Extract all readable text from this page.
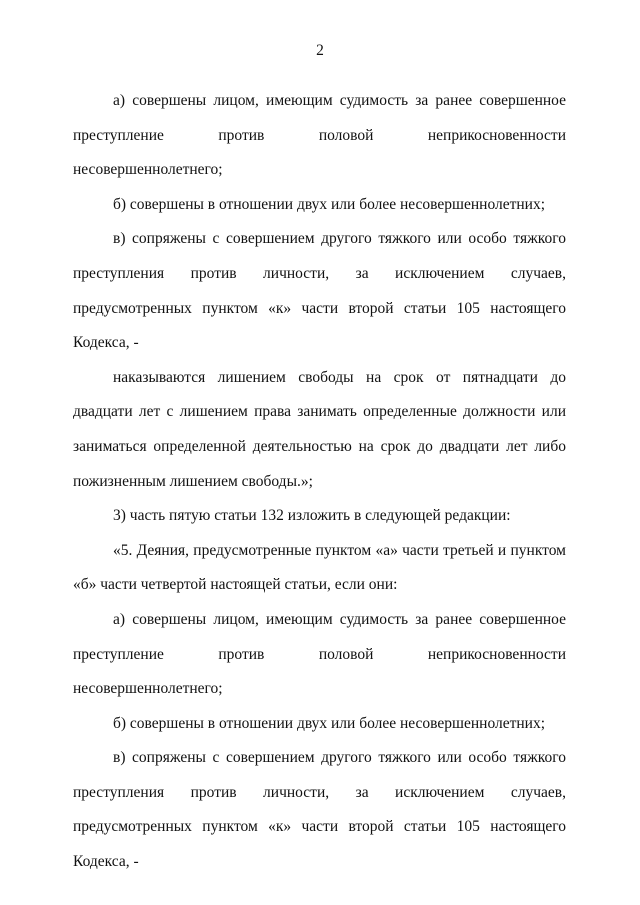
2

а) совершены лицом, имеющим судимость за ранее совершенное преступление против половой неприкосновенности несовершеннолетнего;

б) совершены в отношении двух или более несовершеннолетних;

в) сопряжены с совершением другого тяжкого или особо тяжкого преступления против личности, за исключением случаев, предусмотренных пунктом «к» части второй статьи 105 настоящего Кодекса, -

наказываются лишением свободы на срок от пятнадцати до двадцати лет с лишением права занимать определенные должности или заниматься определенной деятельностью на срок до двадцати лет либо пожизненным лишением свободы.»;

3) часть пятую статьи 132 изложить в следующей редакции:

«5. Деяния, предусмотренные пунктом «а» части третьей и пунктом «б» части четвертой настоящей статьи, если они:

а) совершены лицом, имеющим судимость за ранее совершенное преступление против половой неприкосновенности несовершеннолетнего;

б) совершены в отношении двух или более несовершеннолетних;

в) сопряжены с совершением другого тяжкого или особо тяжкого преступления против личности, за исключением случаев, предусмотренных пунктом «к» части второй статьи 105 настоящего Кодекса, -
